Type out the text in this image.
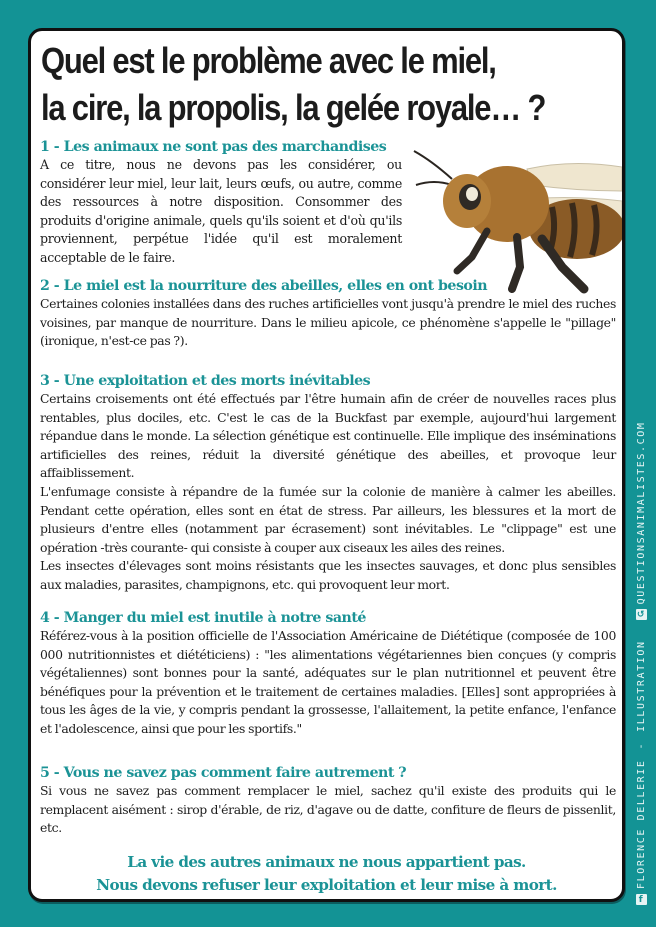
Quel est le problème avec le miel,
la cire, la propolis, la gelée royale… ?
1 - Les animaux ne sont pas des marchandises

A ce titre, nous ne devons pas les considérer, ou considérer leur miel, leur lait, leurs œufs, ou autre, comme des ressources à notre disposition. Consommer des produits d'origine animale, quels qu'ils soient et d'où qu'ils proviennent, perpétue l'idée qu'il est moralement acceptable de le faire.

2 - Le miel est la nourriture des abeilles, elles en ont besoin

Certaines colonies installées dans des ruches artificielles vont jusqu'à prendre le miel des ruches voisines, par manque de nourriture. Dans le milieu apicole, ce phénomène s'appelle le "pillage" (ironique, n'est-ce pas ?).

3 - Une exploitation et des morts inévitables

Certains croisements ont été effectués par l'être humain afin de créer de nouvelles races plus rentables, plus dociles, etc. C'est le cas de la Buckfast par exemple, aujourd'hui largement répandue dans le monde. La sélection génétique est continuelle. Elle implique des inséminations artificielles des reines, réduit la diversité génétique des abeilles, et provoque leur affaiblissement.

L'enfumage consiste à répandre de la fumée sur la colonie de manière à calmer les abeilles. Pendant cette opération, elles sont en état de stress. Par ailleurs, les blessures et la mort de plusieurs d'entre elles (notamment par écrasement) sont inévitables. Le "clippage" est une opération -très courante- qui consiste à couper aux ciseaux les ailes des reines.

Les insectes d'élevages sont moins résistants que les insectes sauvages, et donc plus sensibles aux maladies, parasites, champignons, etc. qui provoquent leur mort.

4 - Manger du miel est inutile à notre santé

Référez-vous à la position officielle de l'Association Américaine de Diététique (composée de 100 000 nutritionnistes et diététiciens) : "les alimentations végétariennes bien conçues (y compris végétaliennes) sont bonnes pour la santé, adéquates sur le plan nutritionnel et peuvent être bénéfiques pour la prévention et le traitement de certaines maladies. [Elles] sont appropriées à tous les âges de la vie, y compris pendant la grossesse, l'allaitement, la petite enfance, l'enfance et l'adolescence, ainsi que pour les sportifs."

5 - Vous ne savez pas comment faire autrement ?

Si vous ne savez pas comment remplacer le miel, sachez qu'il existe des produits qui le remplacent aisément : sirop d'érable, de riz, d'agave ou de datte, confiture de fleurs de pissenlit, etc.

La vie des autres animaux ne nous appartient pas.
Nous devons refuser leur exploitation et leur mise à mort.
f
FLORENCE DELLERIE
-
ILLUSTRATION
↺
QUESTIONSANIMALISTES.COM
